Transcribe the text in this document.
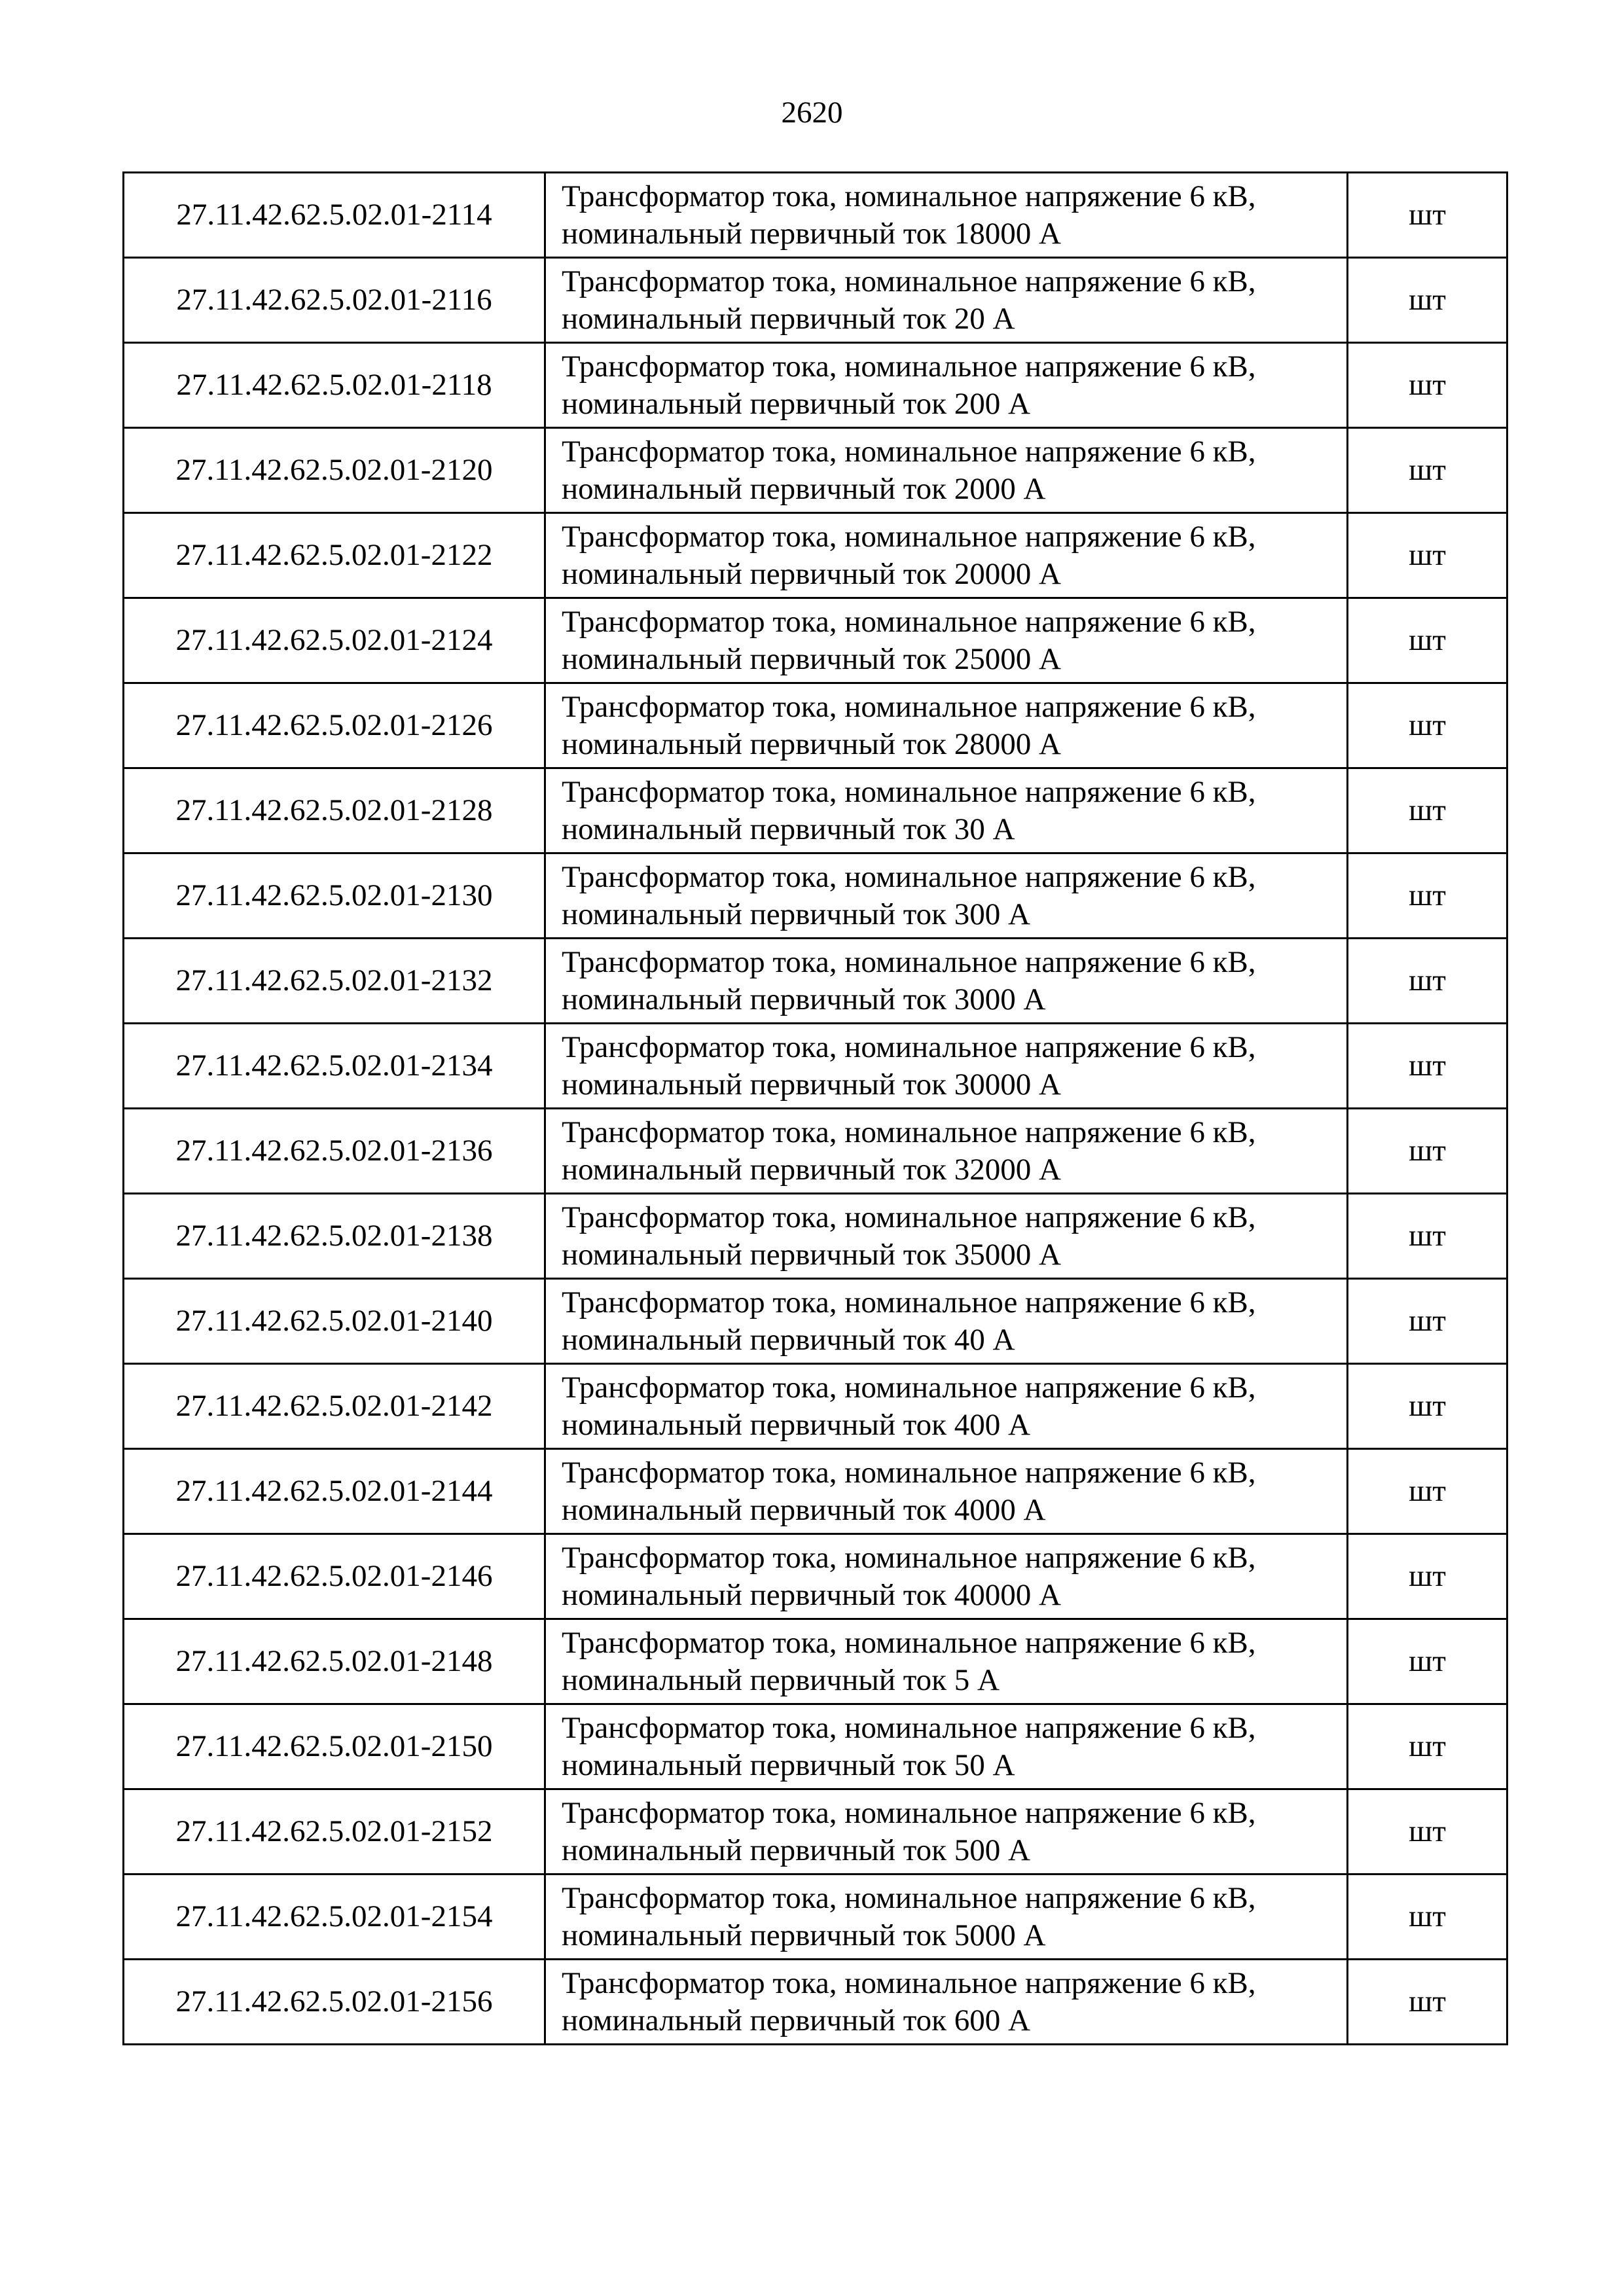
2620
27.11.42.62.5.02.01-2114	Трансформатор тока, номинальное напряжение 6 кВ,
номинальный первичный ток 18000 А	шт
27.11.42.62.5.02.01-2116	Трансформатор тока, номинальное напряжение 6 кВ,
номинальный первичный ток 20 А	шт
27.11.42.62.5.02.01-2118	Трансформатор тока, номинальное напряжение 6 кВ,
номинальный первичный ток 200 А	шт
27.11.42.62.5.02.01-2120	Трансформатор тока, номинальное напряжение 6 кВ,
номинальный первичный ток 2000 А	шт
27.11.42.62.5.02.01-2122	Трансформатор тока, номинальное напряжение 6 кВ,
номинальный первичный ток 20000 А	шт
27.11.42.62.5.02.01-2124	Трансформатор тока, номинальное напряжение 6 кВ,
номинальный первичный ток 25000 А	шт
27.11.42.62.5.02.01-2126	Трансформатор тока, номинальное напряжение 6 кВ,
номинальный первичный ток 28000 А	шт
27.11.42.62.5.02.01-2128	Трансформатор тока, номинальное напряжение 6 кВ,
номинальный первичный ток 30 А	шт
27.11.42.62.5.02.01-2130	Трансформатор тока, номинальное напряжение 6 кВ,
номинальный первичный ток 300 А	шт
27.11.42.62.5.02.01-2132	Трансформатор тока, номинальное напряжение 6 кВ,
номинальный первичный ток 3000 А	шт
27.11.42.62.5.02.01-2134	Трансформатор тока, номинальное напряжение 6 кВ,
номинальный первичный ток 30000 А	шт
27.11.42.62.5.02.01-2136	Трансформатор тока, номинальное напряжение 6 кВ,
номинальный первичный ток 32000 А	шт
27.11.42.62.5.02.01-2138	Трансформатор тока, номинальное напряжение 6 кВ,
номинальный первичный ток 35000 А	шт
27.11.42.62.5.02.01-2140	Трансформатор тока, номинальное напряжение 6 кВ,
номинальный первичный ток 40 А	шт
27.11.42.62.5.02.01-2142	Трансформатор тока, номинальное напряжение 6 кВ,
номинальный первичный ток 400 А	шт
27.11.42.62.5.02.01-2144	Трансформатор тока, номинальное напряжение 6 кВ,
номинальный первичный ток 4000 А	шт
27.11.42.62.5.02.01-2146	Трансформатор тока, номинальное напряжение 6 кВ,
номинальный первичный ток 40000 А	шт
27.11.42.62.5.02.01-2148	Трансформатор тока, номинальное напряжение 6 кВ,
номинальный первичный ток 5 А	шт
27.11.42.62.5.02.01-2150	Трансформатор тока, номинальное напряжение 6 кВ,
номинальный первичный ток 50 А	шт
27.11.42.62.5.02.01-2152	Трансформатор тока, номинальное напряжение 6 кВ,
номинальный первичный ток 500 А	шт
27.11.42.62.5.02.01-2154	Трансформатор тока, номинальное напряжение 6 кВ,
номинальный первичный ток 5000 А	шт
27.11.42.62.5.02.01-2156	Трансформатор тока, номинальное напряжение 6 кВ,
номинальный первичный ток 600 А	шт
